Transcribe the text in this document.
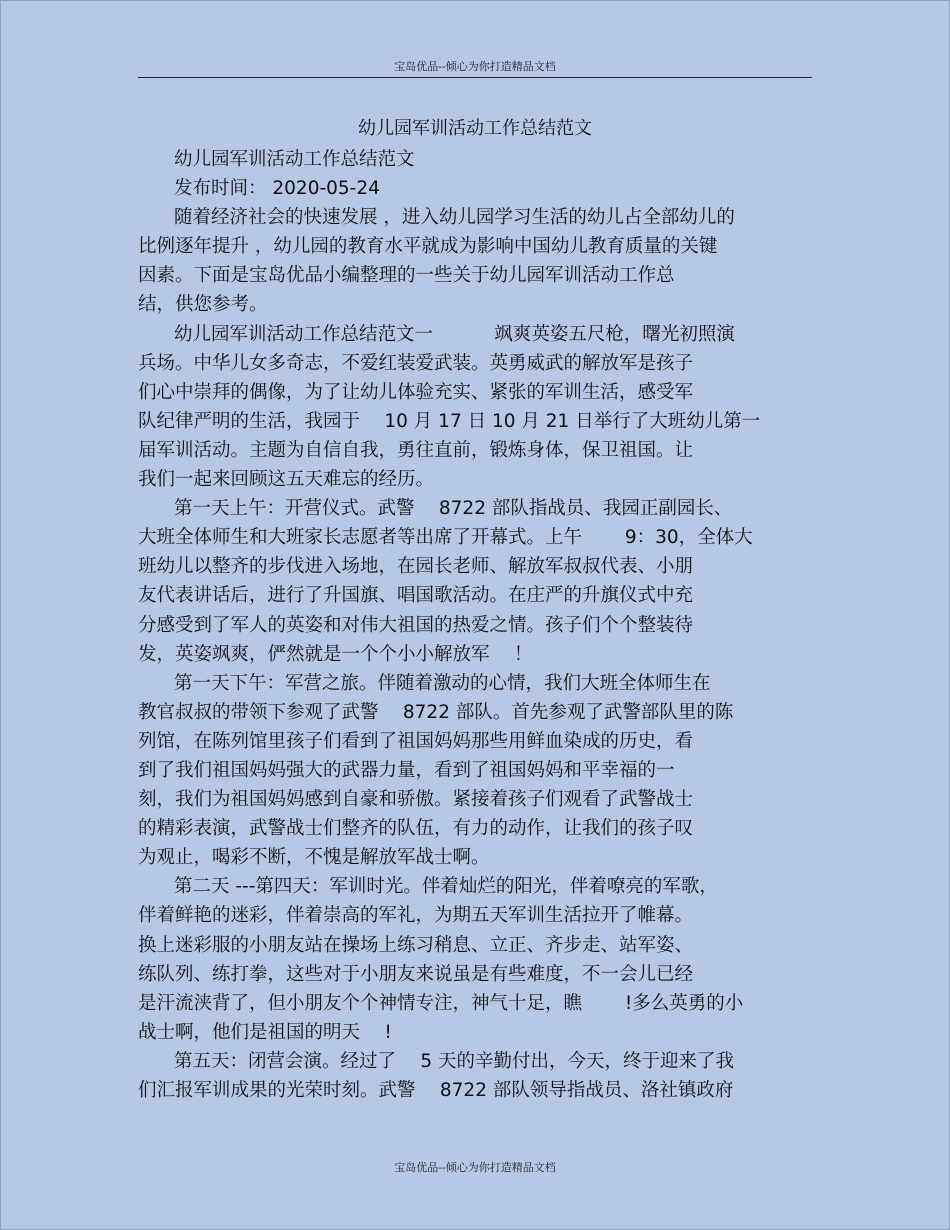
宝岛优品--倾心为你打造精品文档
幼儿园军训活动工作总结范文
幼儿园军训活动工作总结范文
发布时间： 2020-05-24
随着经济社会的快速发展 ，进入幼儿园学习生活的幼儿占全部幼儿的
比例逐年提升 ，幼儿园的教育水平就成为影响中国幼儿教育质量的关键
因素。下面是宝岛优品小编整理的一些关于幼儿园军训活动工作总
结，供您参考。
幼儿园军训活动工作总结范文一 　　　飒爽英姿五尺枪，曙光初照演
兵场。中华儿女多奇志，不爱红装爱武装。英勇威武的解放军是孩子
们心中崇拜的偶像，为了让幼儿体验充实、紧张的军训生活，感受军
队纪律严明的生活，我园于 　10 月 17 日 10 月 21 日举行了大班幼儿第一
届军训活动。主题为自信自我，勇往直前，锻炼身体，保卫祖国。让
我们一起来回顾这五天难忘的经历。
第一天上午：开营仪式。武警 　8722 部队指战员、我园正副园长、
大班全体师生和大班家长志愿者等出席了开幕式。上午 　　9：30，全体大
班幼儿以整齐的步伐进入场地，在园长老师、解放军叔叔代表、小朋
友代表讲话后，进行了升国旗、唱国歌活动。在庄严的升旗仪式中充
分感受到了军人的英姿和对伟大祖国的热爱之情。孩子们个个整装待
发，英姿飒爽，俨然就是一个个小小解放军 　！
第一天下午：军营之旅。伴随着激动的心情，我们大班全体师生在
教官叔叔的带领下参观了武警 　8722 部队。首先参观了武警部队里的陈
列馆，在陈列馆里孩子们看到了祖国妈妈那些用鲜血染成的历史，看
到了我们祖国妈妈强大的武器力量，看到了祖国妈妈和平幸福的一
刻，我们为祖国妈妈感到自豪和骄傲。紧接着孩子们观看了武警战士
的精彩表演，武警战士们整齐的队伍，有力的动作，让我们的孩子叹
为观止，喝彩不断，不愧是解放军战士啊。
第二天 ---第四天：军训时光。伴着灿烂的阳光，伴着嘹亮的军歌，
伴着鲜艳的迷彩，伴着崇高的军礼，为期五天军训生活拉开了帷幕。
换上迷彩服的小朋友站在操场上练习稍息、立正、齐步走、站军姿、
练队列、练打拳，这些对于小朋友来说虽是有些难度，不一会儿已经
是汗流浃背了，但小朋友个个神情专注，神气十足，瞧 　　!多么英勇的小
战士啊，他们是祖国的明天 　!
第五天：闭营会演。经过了 　5 天的辛勤付出，今天，终于迎来了我
们汇报军训成果的光荣时刻。武警 　8722 部队领导指战员、洛社镇政府
宝岛优品--倾心为你打造精品文档
